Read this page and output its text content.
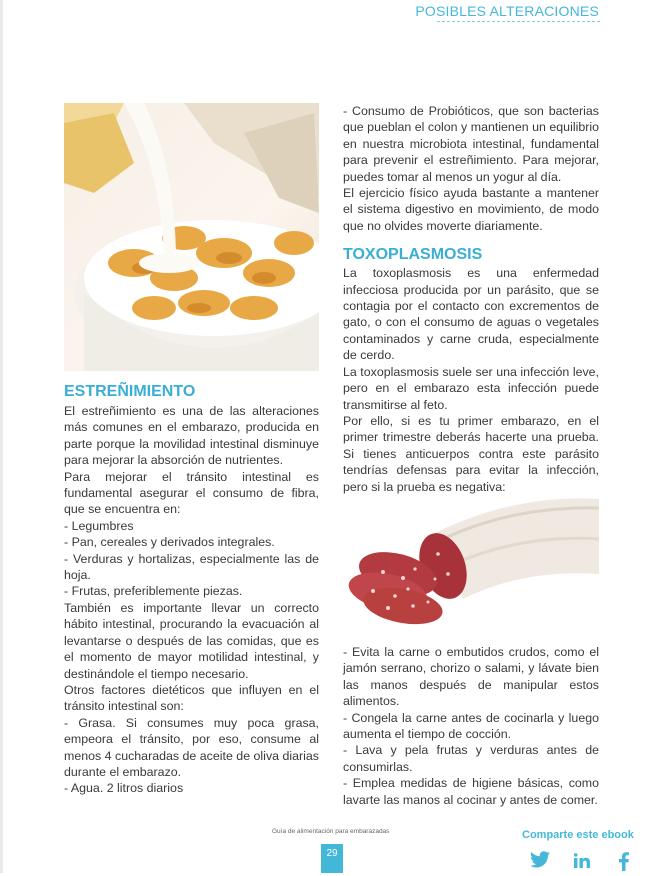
POSIBLES ALTERACIONES
ESTREÑIMIENTO

El estreñimiento es una de las alteraciones más comunes en el embarazo, producida en parte porque la movilidad intestinal disminuye para mejorar la absorción de nutrientes.

Para mejorar el tránsito intestinal es fundamental asegurar el consumo de fibra, que se encuentra en:

- Legumbres

- Pan, cereales y derivados integrales.

- Verduras y hortalizas, especialmente las de hoja.

- Frutas, preferiblemente piezas.

También es importante llevar un correcto hábito intestinal, procurando la evacuación al levantarse o después de las comidas, que es el momento de mayor motilidad intestinal, y destinándole el tiempo necesario.

Otros factores dietéticos que influyen en el tránsito intestinal son:

- Grasa. Si consumes muy poca grasa, empeora el tránsito, por eso, consume al menos 4 cucharadas de aceite de oliva diarias durante el embarazo.

- Agua. 2 litros diarios

- Consumo de Probióticos, que son bacterias que pueblan el colon y mantienen un equilibrio en nuestra microbiota intestinal, fundamental para prevenir el estreñimiento. Para mejorar, puedes tomar al menos un yogur al día.

El ejercicio físico ayuda bastante a mantener el sistema digestivo en movimiento, de modo que no olvides moverte diariamente.

TOXOPLASMOSIS

La toxoplasmosis es una enfermedad infecciosa producida por un parásito, que se contagia por el contacto con excrementos de gato, o con el consumo de aguas o vegetales contaminados y carne cruda, especialmente de cerdo.

La toxoplasmosis suele ser una infección leve, pero en el embarazo esta infección puede transmitirse al feto.

Por ello, si es tu primer embarazo, en el primer trimestre deberás hacerte una prueba. Si tienes anticuerpos contra este parásito tendrías defensas para evitar la infección, pero si la prueba es negativa:

- Evita la carne o embutidos crudos, como el jamón serrano, chorizo o salami, y lávate bien las manos después de manipular estos alimentos.

- Congela la carne antes de cocinarla y luego aumenta el tiempo de cocción.

- Lava y pela frutas y verduras antes de consumirlas.

- Emplea medidas de higiene básicas, como lavarte las manos al cocinar y antes de comer.

Guía de alimentación para embarazadas
29
Comparte este ebook
